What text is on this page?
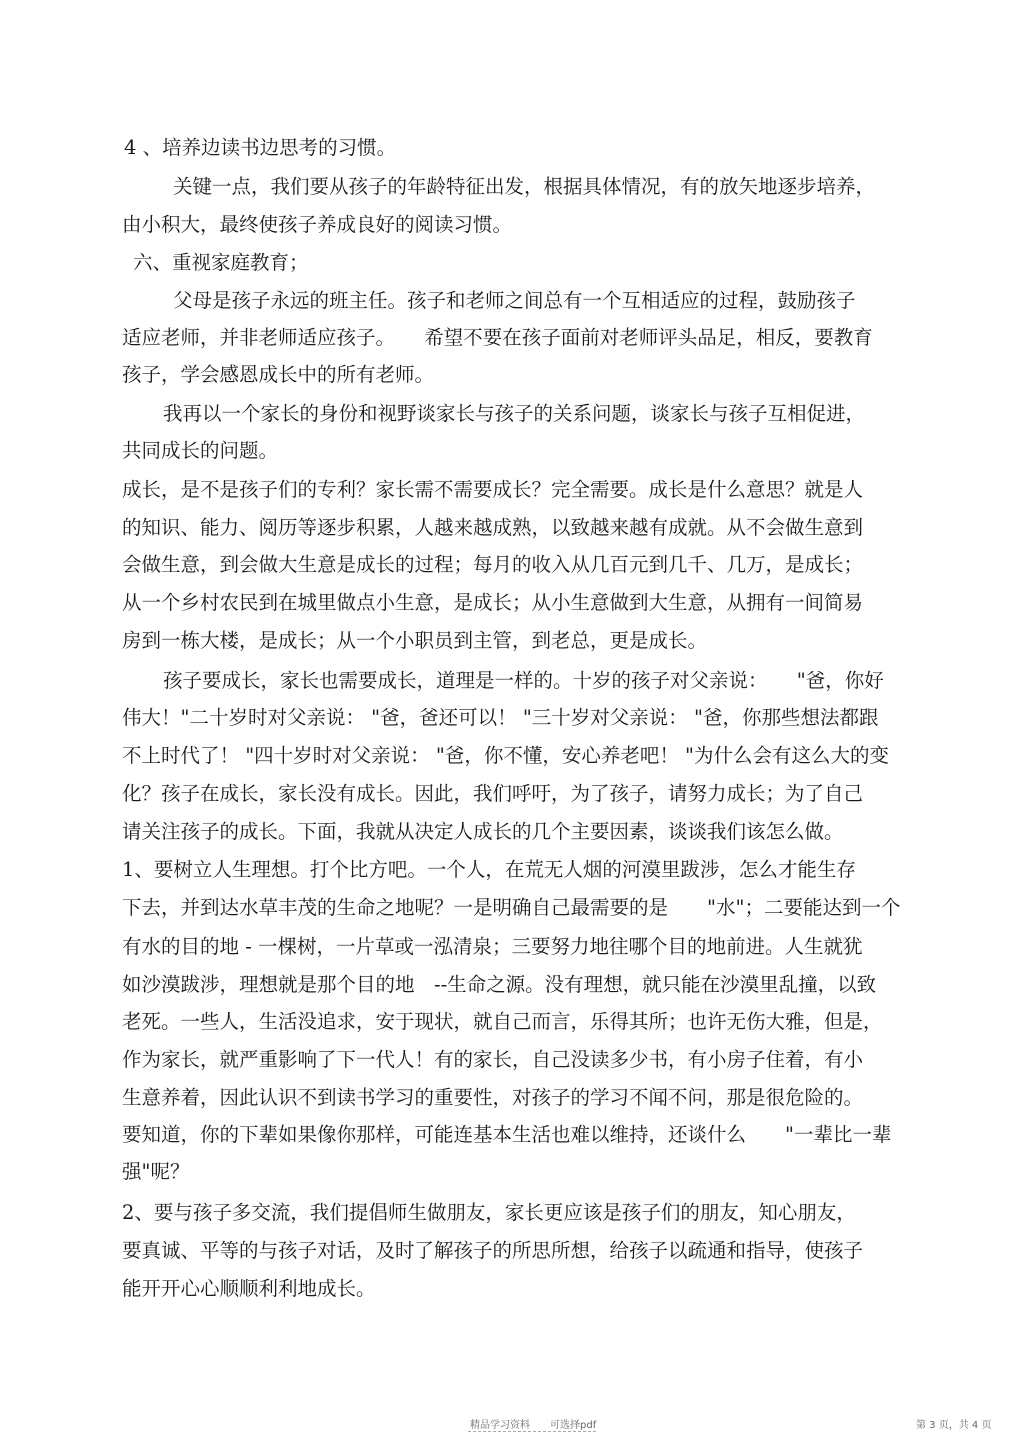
4 、培养边读书边思考的习惯。
关键一点，我们要从孩子的年龄特征出发，根据具体情况，有的放矢地逐步培养，
由小积大，最终使孩子养成良好的阅读习惯。
六、重视家庭教育；
父母是孩子永远的班主任。孩子和老师之间总有一个互相适应的过程，鼓励孩子
适应老师，并非老师适应孩子。　　希望不要在孩子面前对老师评头品足，相反，要教育
孩子，学会感恩成长中的所有老师。
我再以一个家长的身份和视野谈家长与孩子的关系问题，谈家长与孩子互相促进，
共同成长的问题。
成长，是不是孩子们的专利？家长需不需要成长？完全需要。成长是什么意思？就是人
的知识、能力、阅历等逐步积累，人越来越成熟，以致越来越有成就。从不会做生意到
会做生意，到会做大生意是成长的过程；每月的收入从几百元到几千、几万，是成长；
从一个乡村农民到在城里做点小生意，是成长；从小生意做到大生意，从拥有一间简易
房到一栋大楼，是成长；从一个小职员到主管，到老总，更是成长。
孩子要成长，家长也需要成长，道理是一样的。十岁的孩子对父亲说：　　"爸，你好
伟大！"二十岁时对父亲说： "爸，爸还可以！ "三十岁对父亲说： "爸，你那些想法都跟
不上时代了！ "四十岁时对父亲说： "爸，你不懂，安心养老吧！ "为什么会有这么大的变
化？孩子在成长，家长没有成长。因此，我们呼吁，为了孩子，请努力成长；为了自己
请关注孩子的成长。下面，我就从决定人成长的几个主要因素，谈谈我们该怎么做。
1、要树立人生理想。打个比方吧。一个人，在荒无人烟的河漠里跋涉，怎么才能生存
下去，并到达水草丰茂的生命之地呢？一是明确自己最需要的是　　"水"；二要能达到一个
有水的目的地 - 一棵树，一片草或一泓清泉；三要努力地往哪个目的地前进。人生就犹
如沙漠跋涉，理想就是那个目的地　--生命之源。没有理想，就只能在沙漠里乱撞，以致
老死。一些人，生活没追求，安于现状，就自己而言，乐得其所；也许无伤大雅，但是，
作为家长，就严重影响了下一代人！有的家长，自己没读多少书，有小房子住着，有小
生意养着，因此认识不到读书学习的重要性，对孩子的学习不闻不问，那是很危险的。
要知道，你的下辈如果像你那样，可能连基本生活也难以维持，还谈什么　　"一辈比一辈
强"呢？
2、要与孩子多交流，我们提倡师生做朋友，家长更应该是孩子们的朋友，知心朋友，
要真诚、平等的与孩子对话，及时了解孩子的所思所想，给孩子以疏通和指导，使孩子
能开开心心顺顺利利地成长。
精品学习资料　　可选择pdf	第 3 页，共 4 页
